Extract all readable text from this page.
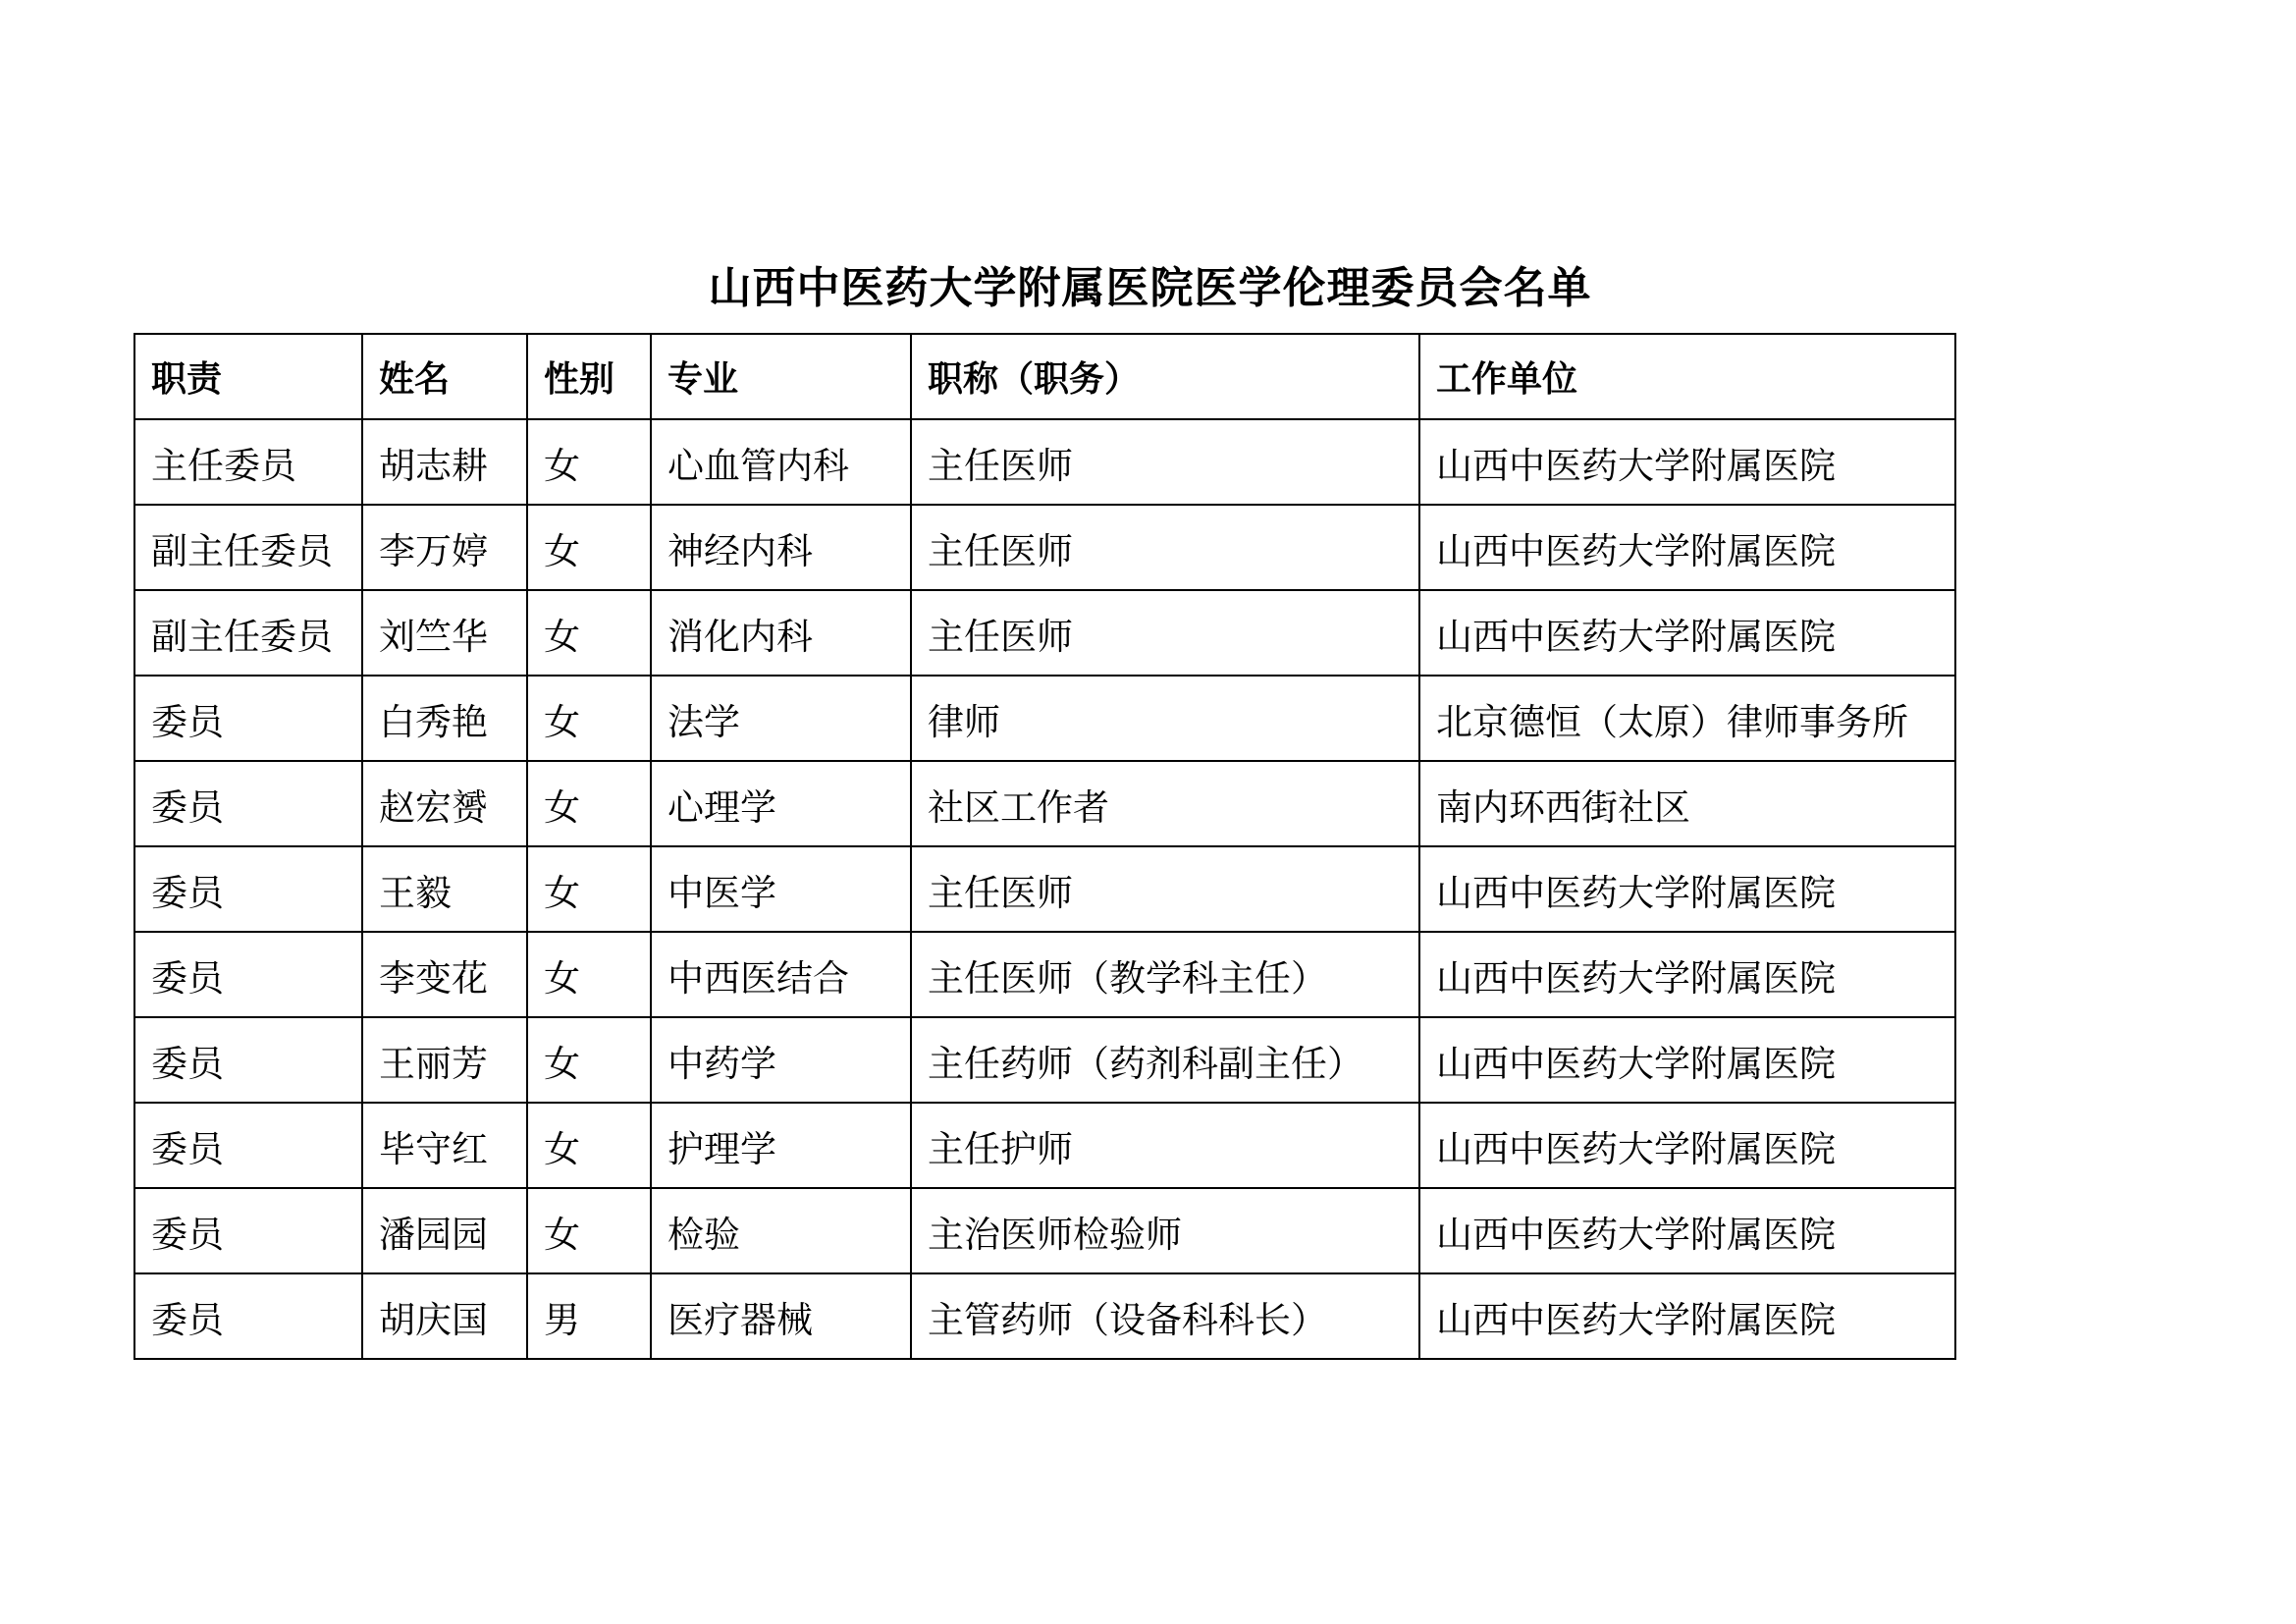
山西中医药大学附属医院医学伦理委员会名单
职责	姓名	性别	专业	职称（职务）	工作单位
主任委员	胡志耕	女	心血管内科	主任医师	山西中医药大学附属医院
副主任委员	李万婷	女	神经内科	主任医师	山西中医药大学附属医院
副主任委员	刘竺华	女	消化内科	主任医师	山西中医药大学附属医院
委员	白秀艳	女	法学	律师	北京德恒（太原）律师事务所
委员	赵宏赟	女	心理学	社区工作者	南内环西街社区
委员	王毅	女	中医学	主任医师	山西中医药大学附属医院
委员	李变花	女	中西医结合	主任医师（教学科主任）	山西中医药大学附属医院
委员	王丽芳	女	中药学	主任药师（药剂科副主任）	山西中医药大学附属医院
委员	毕守红	女	护理学	主任护师	山西中医药大学附属医院
委员	潘园园	女	检验	主治医师检验师	山西中医药大学附属医院
委员	胡庆国	男	医疗器械	主管药师（设备科科长）	山西中医药大学附属医院
